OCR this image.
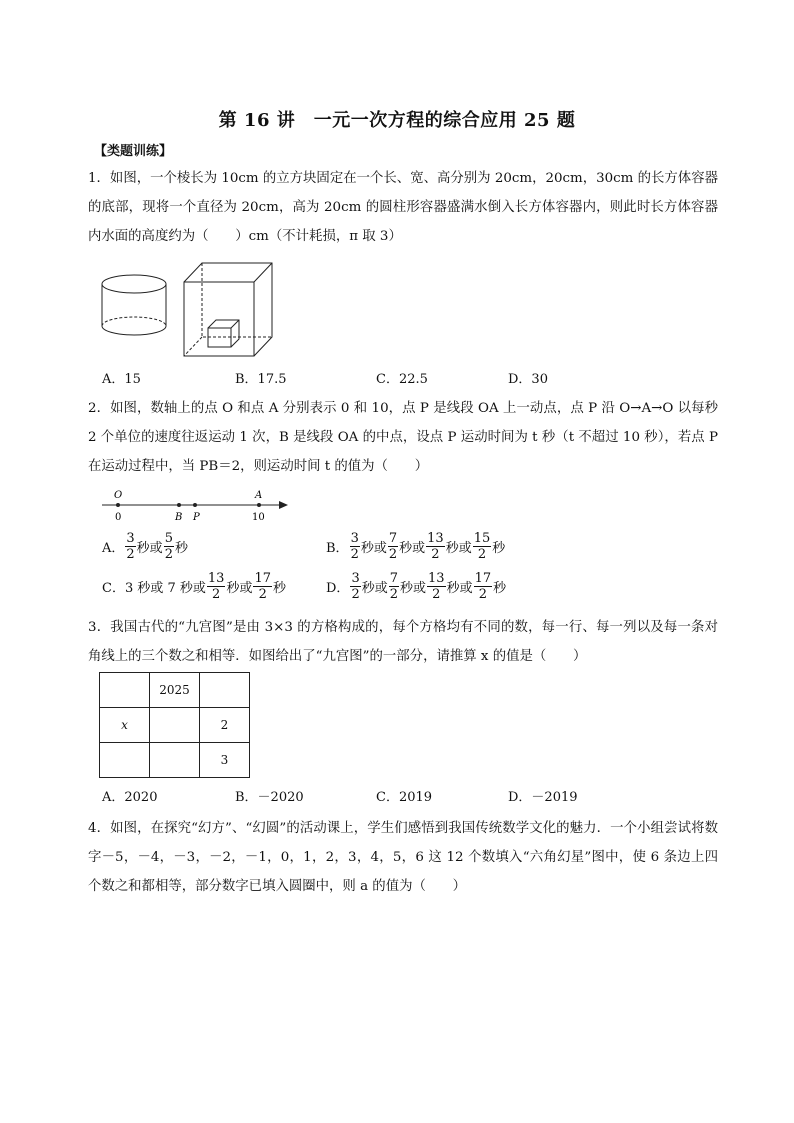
第 16 讲　一元一次方程的综合应用 25 题
【类题训练】

1．如图，一个棱长为 10cm 的立方块固定在一个长、宽、高分别为 20cm，20cm，30cm 的长方体容器的底部，现将一个直径为 20cm，高为 20cm 的圆柱形容器盛满水倒入长方体容器内，则此时长方体容器内水面的高度约为（　　）cm（不计耗损，π 取 3）

A．15	B．17.5	C．22.5	D．30

2．如图，数轴上的点 O 和点 A 分别表示 0 和 10，点 P 是线段 OA 上一动点，点 P 沿 O→A→O 以每秒 2 个单位的速度往返运动 1 次，B 是线段 OA 的中点，设点 P 运动时间为 t 秒（t 不超过 10 秒），若点 P 在运动过程中，当 PB＝2，则运动时间 t 的值为（　　）

O	A
0	B P	10
A． $\frac{3}{2}$ 秒或 $\frac{5}{2}$ 秒	B． $\frac{3}{2}$ 秒或 $\frac{7}{2}$ 秒或 $\frac{13}{2}$ 秒或 $\frac{15}{2}$ 秒
C．3 秒或 7 秒或 $\frac{13}{2}$ 秒或 $\frac{17}{2}$ 秒	D． $\frac{3}{2}$ 秒或 $\frac{7}{2}$ 秒或 $\frac{13}{2}$ 秒或 $\frac{17}{2}$ 秒

3．我国古代的“九宫图”是由 3×3 的方格构成的，每个方格均有不同的数，每一行、每一列以及每一条对角线上的三个数之和相等．如图给出了“九宫图”的一部分，请推算 x 的值是（　　）

	2025	
x		2
		3
A．2020	B．－2020	C．2019	D．－2019

4．如图，在探究“幻方”、“幻圆”的活动课上，学生们感悟到我国传统数学文化的魅力．一个小组尝试将数字－5，－4，－3，－2，－1，0，1，2，3，4，5，6 这 12 个数填入“六角幻星”图中，使 6 条边上四个数之和都相等，部分数字已填入圆圈中，则 a 的值为（　　）
